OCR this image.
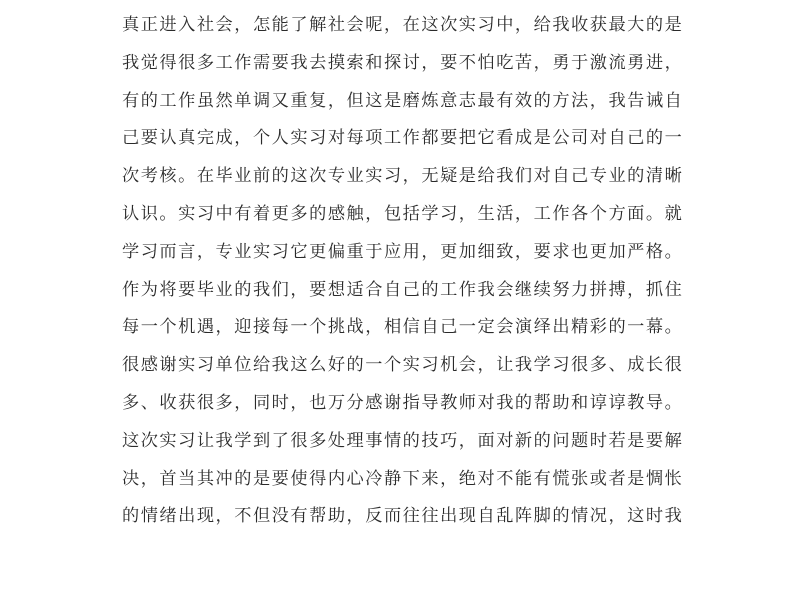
真正进入社会，怎能了解社会呢，在这次实习中，给我收获最大的是
我觉得很多工作需要我去摸索和探讨，要不怕吃苦，勇于激流勇进，
有的工作虽然单调又重复，但这是磨炼意志最有效的方法，我告诫自
己要认真完成，个人实习对每项工作都要把它看成是公司对自己的一
次考核。在毕业前的这次专业实习，无疑是给我们对自己专业的清晰
认识。实习中有着更多的感触，包括学习，生活，工作各个方面。就
学习而言，专业实习它更偏重于应用，更加细致，要求也更加严格。
作为将要毕业的我们，要想适合自己的工作我会继续努力拼搏，抓住
每一个机遇，迎接每一个挑战，相信自己一定会演绎出精彩的一幕。
很感谢实习单位给我这么好的一个实习机会，让我学习很多、成长很
多、收获很多，同时，也万分感谢指导教师对我的帮助和谆谆教导。
这次实习让我学到了很多处理事情的技巧，面对新的问题时若是要解
决，首当其冲的是要使得内心冷静下来，绝对不能有慌张或者是惆怅
的情绪出现，不但没有帮助，反而往往出现自乱阵脚的情况，这时我
